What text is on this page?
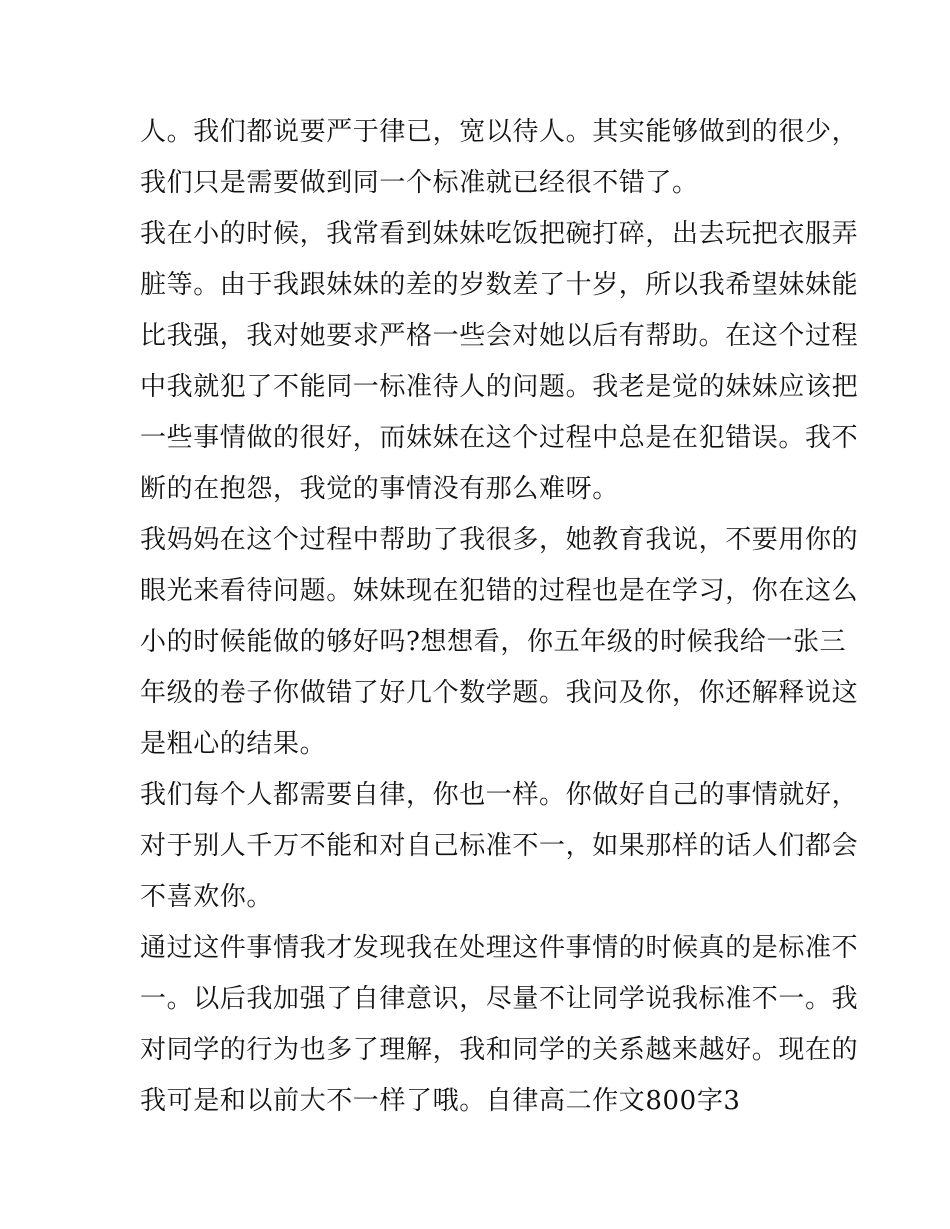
人。我们都说要严于律已，宽以待人。其实能够做到的很少，
我们只是需要做到同一个标准就已经很不错了。
我在小的时候，我常看到妹妹吃饭把碗打碎，出去玩把衣服弄
脏等。由于我跟妹妹的差的岁数差了十岁，所以我希望妹妹能
比我强，我对她要求严格一些会对她以后有帮助。在这个过程
中我就犯了不能同一标准待人的问题。我老是觉的妹妹应该把
一些事情做的很好，而妹妹在这个过程中总是在犯错误。我不
断的在抱怨，我觉的事情没有那么难呀。
我妈妈在这个过程中帮助了我很多，她教育我说，不要用你的
眼光来看待问题。妹妹现在犯错的过程也是在学习，你在这么
小的时候能做的够好吗?想想看，你五年级的时候我给一张三
年级的卷子你做错了好几个数学题。我问及你，你还解释说这
是粗心的结果。
我们每个人都需要自律，你也一样。你做好自己的事情就好，
对于别人千万不能和对自己标准不一，如果那样的话人们都会
不喜欢你。
通过这件事情我才发现我在处理这件事情的时候真的是标准不
一。以后我加强了自律意识，尽量不让同学说我标准不一。我
对同学的行为也多了理解，我和同学的关系越来越好。现在的
我可是和以前大不一样了哦。自律高二作文800字3
